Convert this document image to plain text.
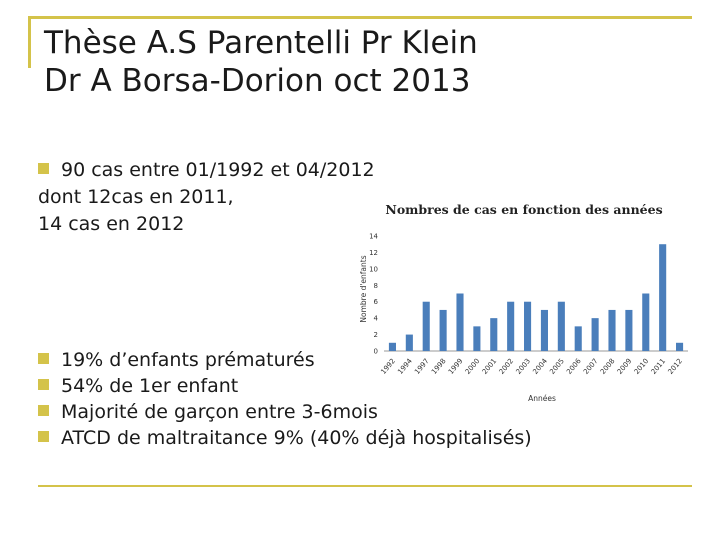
Thèse A.S Parentelli Pr Klein
Dr A Borsa-Dorion oct 2013
90 cas entre 01/1992 et 04/2012
dont 12cas en 2011,
14 cas en 2012
19% d’enfants prématurés
54% de 1er enfant
Majorité de garçon entre 3-6mois
ATCD de maltraitance 9% (40% déjà hospitalisés)
Nombres de cas en fonction des années
Nombre d'enfants
Années
0
2
4
6
8
10
12
14
1992 1994 1997 1998 1999 2000 2001 2002 2003 2004 2005 2006 2007 2008 2009 2010 2011 2012
